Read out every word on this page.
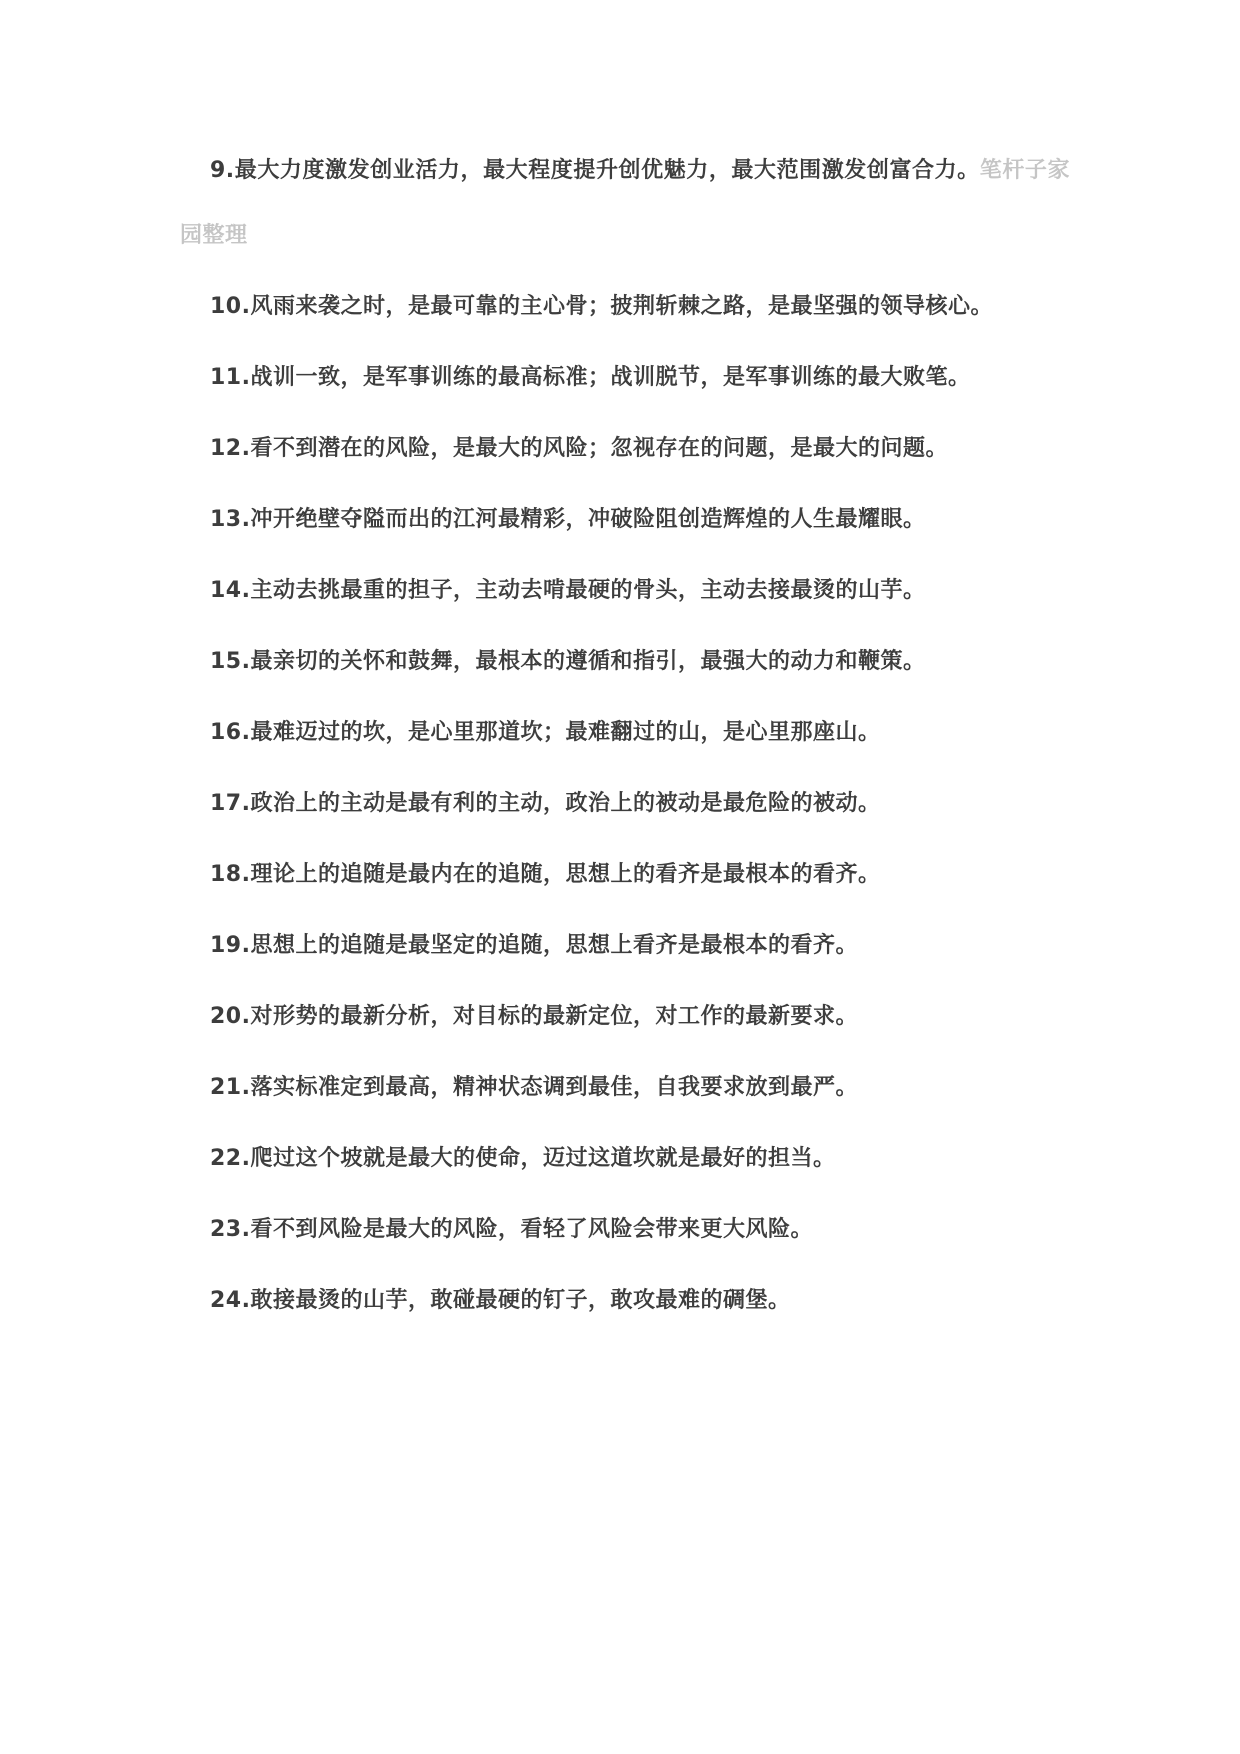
9.最大力度激发创业活力，最大程度提升创优魅力，最大范围激发创富合力。笔杆子家园整理

10.风雨来袭之时，是最可靠的主心骨；披荆斩棘之路，是最坚强的领导核心。

11.战训一致，是军事训练的最高标准；战训脱节，是军事训练的最大败笔。

12.看不到潜在的风险，是最大的风险；忽视存在的问题，是最大的问题。

13.冲开绝壁夺隘而出的江河最精彩，冲破险阻创造辉煌的人生最耀眼。

14.主动去挑最重的担子，主动去啃最硬的骨头，主动去接最烫的山芋。

15.最亲切的关怀和鼓舞，最根本的遵循和指引，最强大的动力和鞭策。

16.最难迈过的坎，是心里那道坎；最难翻过的山，是心里那座山。

17.政治上的主动是最有利的主动，政治上的被动是最危险的被动。

18.理论上的追随是最内在的追随，思想上的看齐是最根本的看齐。

19.思想上的追随是最坚定的追随，思想上看齐是最根本的看齐。

20.对形势的最新分析，对目标的最新定位，对工作的最新要求。

21.落实标准定到最高，精神状态调到最佳，自我要求放到最严。

22.爬过这个坡就是最大的使命，迈过这道坎就是最好的担当。

23.看不到风险是最大的风险，看轻了风险会带来更大风险。

24.敢接最烫的山芋，敢碰最硬的钉子，敢攻最难的碉堡。
